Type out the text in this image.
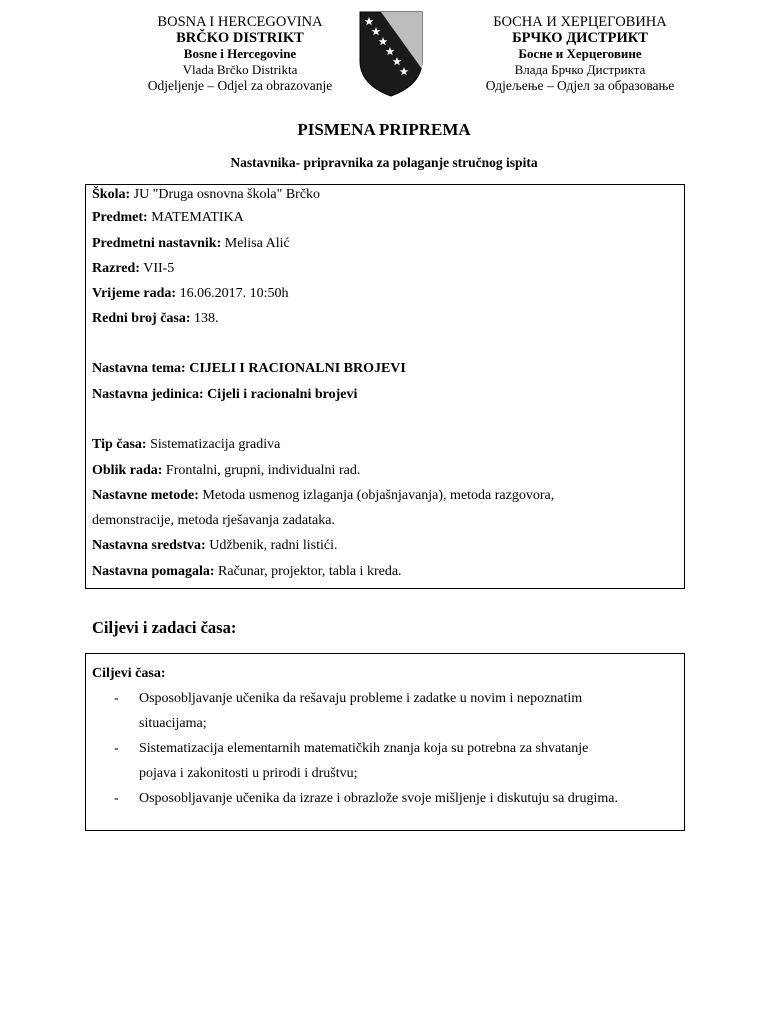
BOSNA I HERCEGOVINA
BRČKO DISTRIKT
Bosne i Hercegovine
Vlada Brčko Distrikta
Odjeljenje – Odjel za obrazovanje
БОСНА И ХЕРЦЕГОВИНА
БРЧКО ДИСТРИКТ
Босне и Херцеговине
Влада Брчко Дистрикта
Одјељење – Одјел за образовање
PISMENA PRIPREMA
Nastavnika- pripravnika za polaganje stručnog ispita
Škola: JU "Druga osnovna škola" Brčko
Predmet: MATEMATIKA
Predmetni nastavnik: Melisa Alić
Razred: VII-5
Vrijeme rada: 16.06.2017. 10:50h
Redni broj časa: 138.
Nastavna tema: CIJELI I RACIONALNI BROJEVI
Nastavna jedinica: Cijeli i racionalni brojevi
Tip časa: Sistematizacija gradiva
Oblik rada: Frontalni, grupni, individualni rad.
Nastavne metode: Metoda usmenog izlaganja (objašnjavanja), metoda razgovora,
demonstracije, metoda rješavanja zadataka.
Nastavna sredstva: Udžbenik, radni listići.
Nastavna pomagala: Računar, projektor, tabla i kreda.
Ciljevi i zadaci časa:
Ciljevi časa:
- Osposobljavanje učenika da rešavaju probleme i zadatke u novim i nepoznatim
situacijama;
- Sistematizacija elementarnih matematičkih znanja koja su potrebna za shvatanje
pojava i zakonitosti u prirodi i društvu;
- Osposobljavanje učenika da izraze i obrazlože svoje mišljenje i diskutuju sa drugima.
